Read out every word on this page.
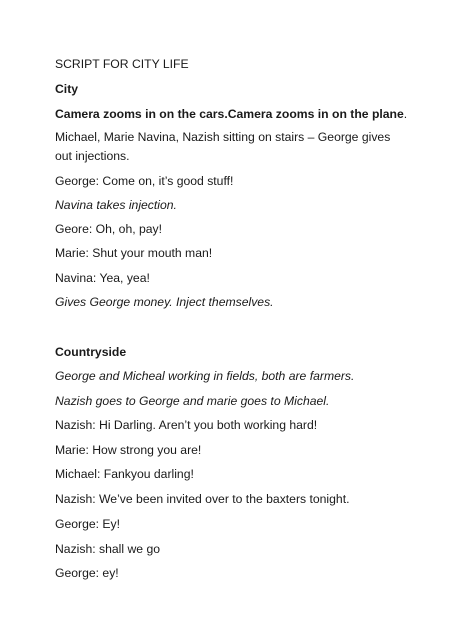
SCRIPT FOR CITY LIFE
City
Camera zooms in on the cars.Camera zooms in on the plane.
Michael, Marie Navina, Nazish sitting on stairs – George gives out injections.
George: Come on, it’s good stuff!
Navina takes injection.
Geore: Oh, oh, pay!
Marie: Shut your mouth man!
Navina: Yea, yea!
Gives George money. Inject themselves.
Countryside
George and Micheal working in fields, both are farmers.
Nazish goes to George and marie goes to Michael.
Nazish: Hi Darling. Aren’t you both working hard!
Marie: How strong you are!
Michael: Fankyou darling!
Nazish: We’ve been invited over to the baxters tonight.
George: Ey!
Nazish: shall we go
George: ey!
